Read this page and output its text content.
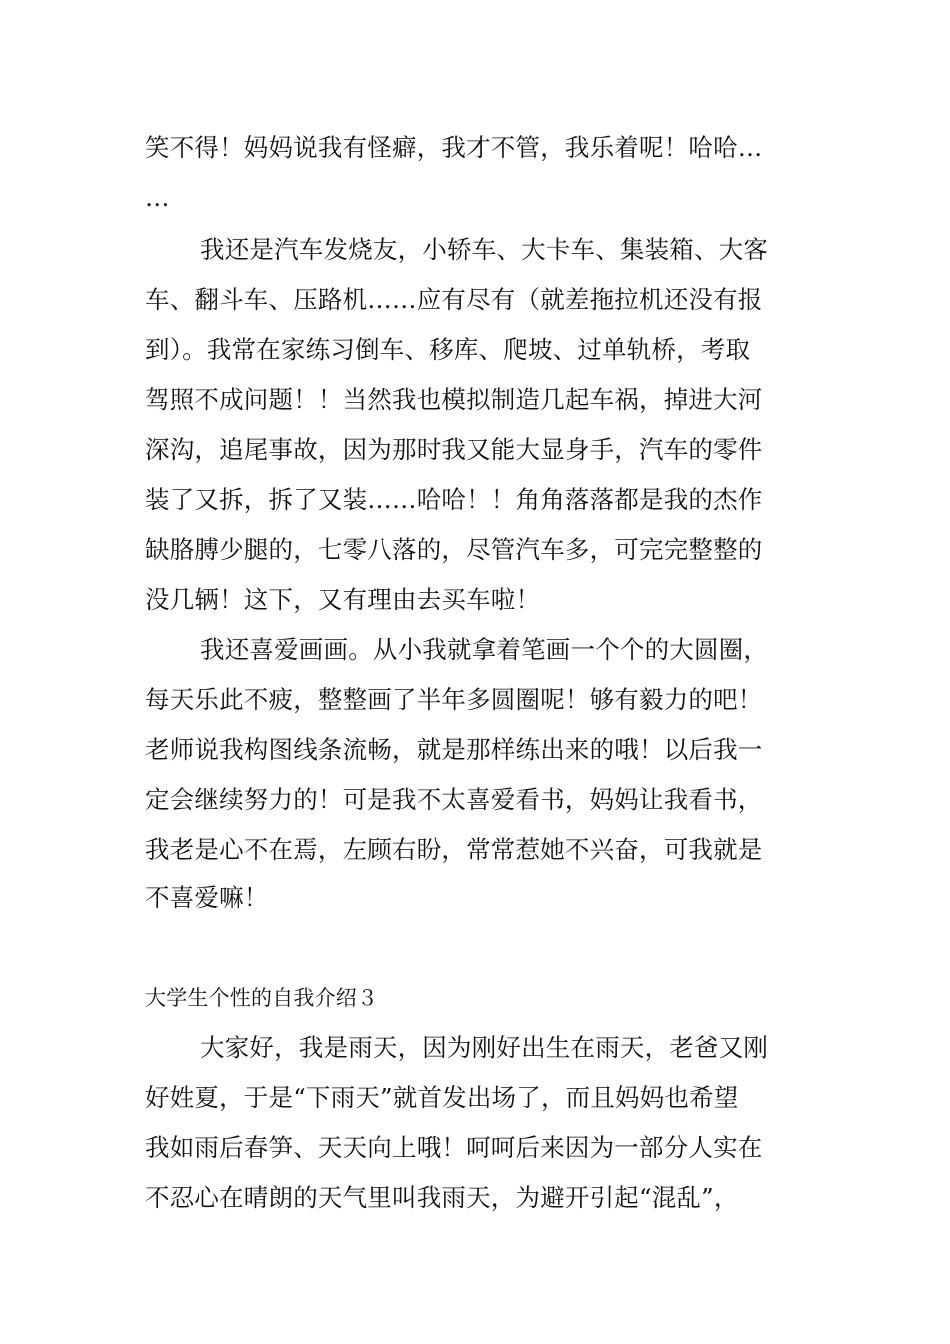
笑不得！妈妈说我有怪癖，我才不管，我乐着呢！哈哈…
…
我还是汽车发烧友，小轿车、大卡车、集装箱、大客
车、翻斗车、压路机……应有尽有（就差拖拉机还没有报
到）。我常在家练习倒车、移库、爬坡、过单轨桥，考取
驾照不成问题！！当然我也模拟制造几起车祸，掉进大河
深沟，追尾事故，因为那时我又能大显身手，汽车的零件
装了又拆，拆了又装……哈哈！！角角落落都是我的杰作
缺胳膊少腿的，七零八落的，尽管汽车多，可完完整整的
没几辆！这下，又有理由去买车啦！
我还喜爱画画。从小我就拿着笔画一个个的大圆圈，
每天乐此不疲，整整画了半年多圆圈呢！够有毅力的吧！
老师说我构图线条流畅，就是那样练出来的哦！以后我一
定会继续努力的！可是我不太喜爱看书，妈妈让我看书，
我老是心不在焉，左顾右盼，常常惹她不兴奋，可我就是
不喜爱嘛！
大学生个性的自我介绍３
大家好，我是雨天，因为刚好出生在雨天，老爸又刚
好姓夏，于是“下雨天”就首发出场了，而且妈妈也希望
我如雨后春笋、天天向上哦！呵呵后来因为一部分人实在
不忍心在晴朗的天气里叫我雨天，为避开引起“混乱”，
